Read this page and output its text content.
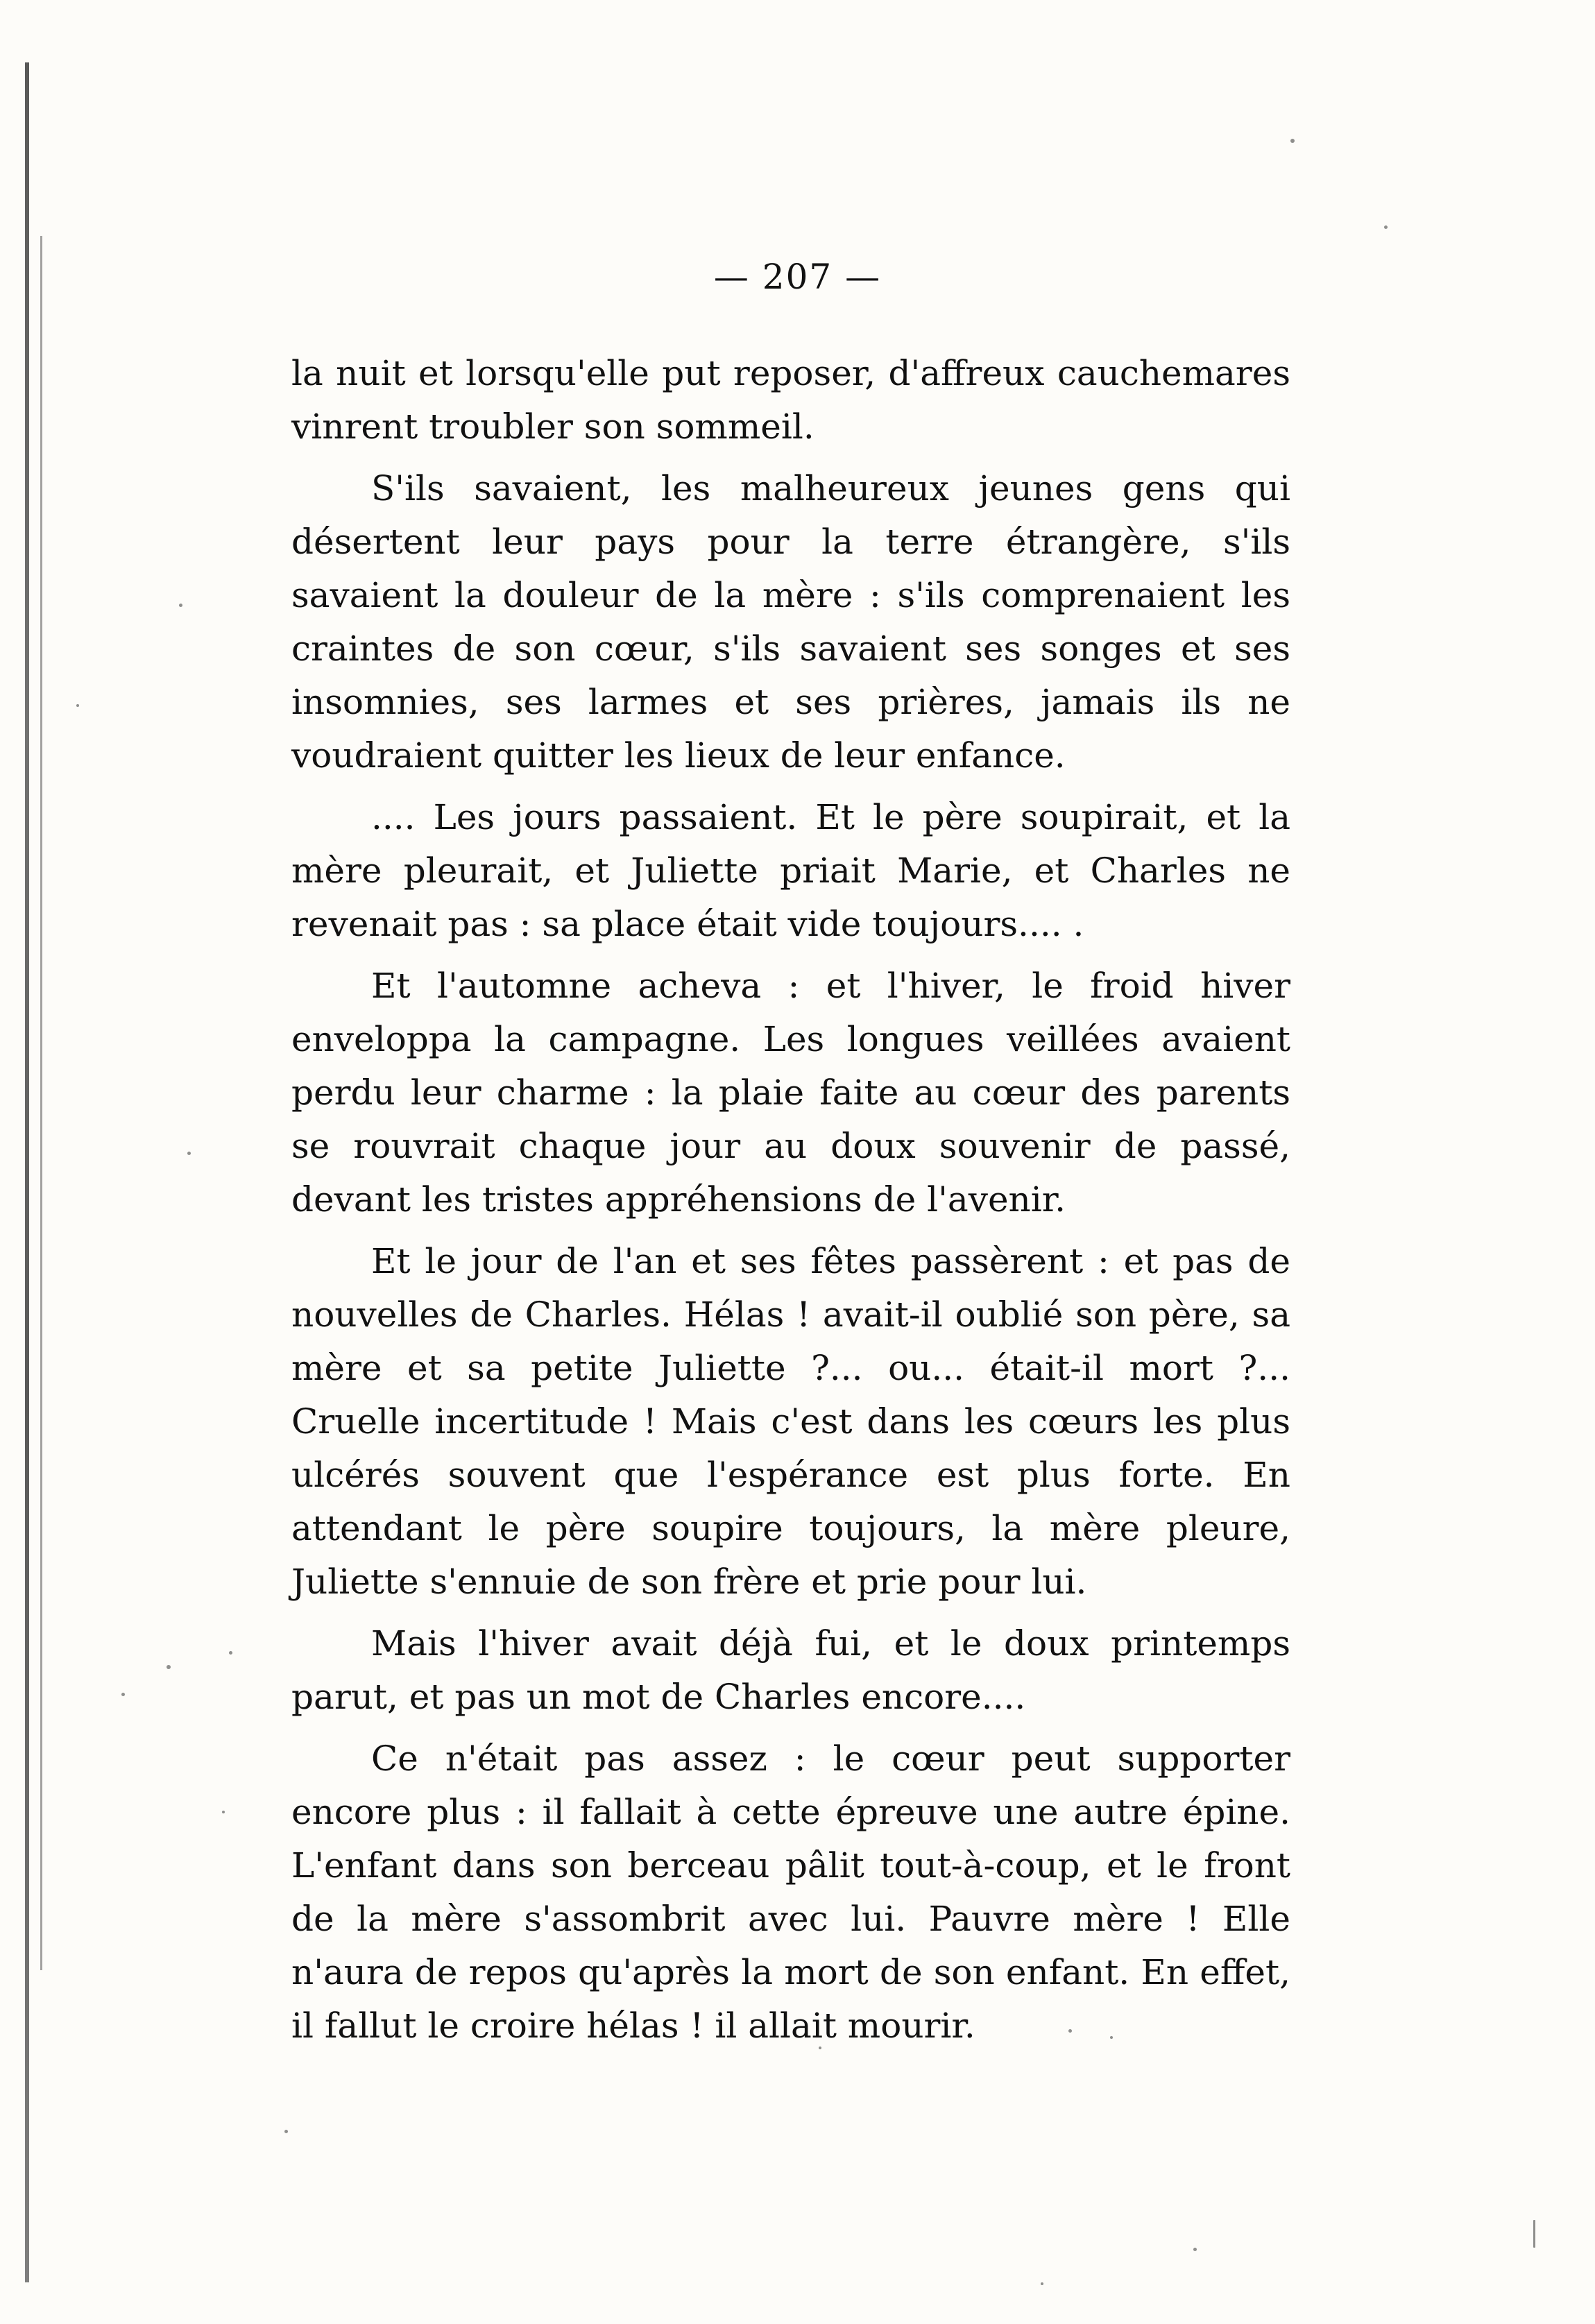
— 207 —

la nuit et lorsqu'elle put reposer, d'affreux cauchemares vinrent troubler son sommeil.

S'ils savaient, les malheureux jeunes gens qui désertent leur pays pour la terre étrangère, s'ils savaient la douleur de la mère : s'ils comprenaient les craintes de son cœur, s'ils savaient ses songes et ses insomnies, ses larmes et ses prières, jamais ils ne voudraient quitter les lieux de leur enfance.

.... Les jours passaient. Et le père soupirait, et la mère pleurait, et Juliette priait Marie, et Charles ne revenait pas : sa place était vide toujours.... .

Et l'automne acheva : et l'hiver, le froid hiver enveloppa la campagne. Les longues veillées avaient perdu leur charme : la plaie faite au cœur des parents se rouvrait chaque jour au doux souvenir de passé, devant les tristes appréhensions de l'avenir.

Et le jour de l'an et ses fêtes passèrent : et pas de nouvelles de Charles. Hélas ! avait-il oublié son père, sa mère et sa petite Juliette ?... ou... était-il mort ?... Cruelle incertitude ! Mais c'est dans les cœurs les plus ulcérés souvent que l'espérance est plus forte. En attendant le père soupire toujours, la mère pleure, Juliette s'ennuie de son frère et prie pour lui.

Mais l'hiver avait déjà fui, et le doux printemps parut, et pas un mot de Charles encore....

Ce n'était pas assez : le cœur peut supporter encore plus : il fallait à cette épreuve une autre épine. L'enfant dans son berceau pâlit tout-à-coup, et le front de la mère s'assombrit avec lui. Pauvre mère ! Elle n'aura de repos qu'après la mort de son enfant. En effet, il fallut le croire hélas ! il allait mourir.
